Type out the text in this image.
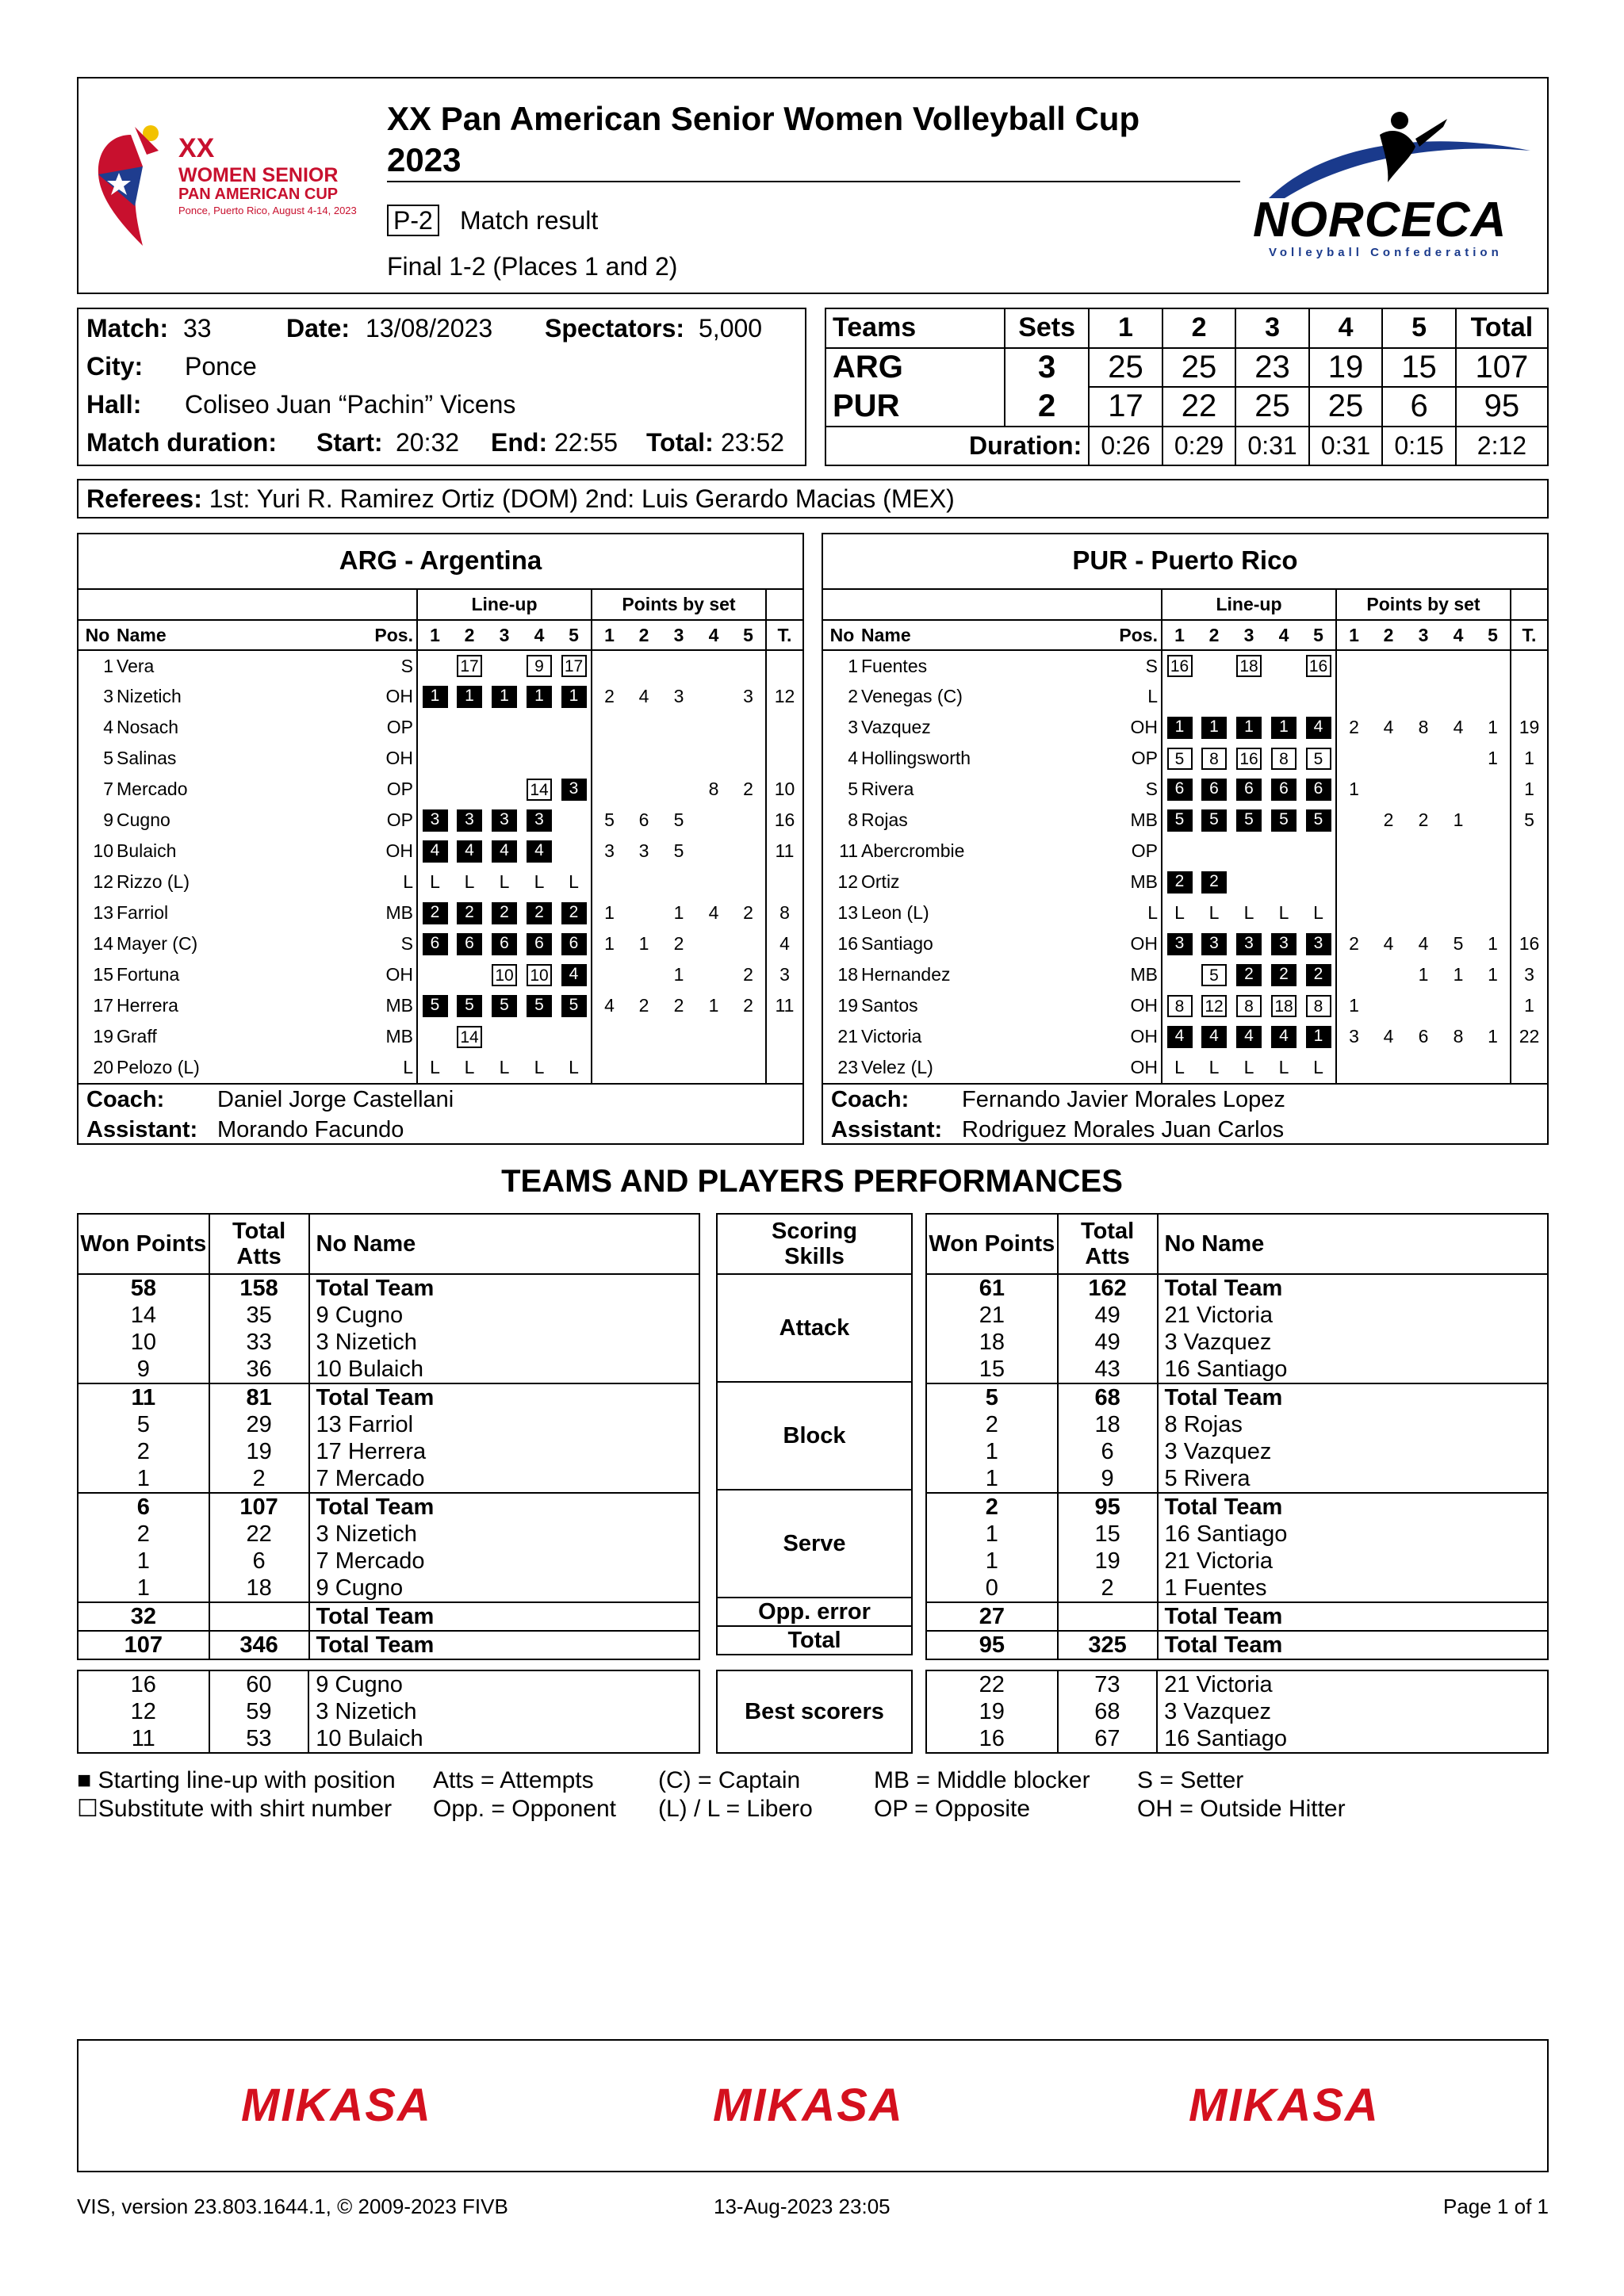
XX
WOMEN SENIOR
PAN AMERICAN CUP
Ponce, Puerto Rico, August 4-14, 2023
XX Pan American Senior Women Volleyball Cup
2023
P-2 Match result
Final 1-2 (Places 1 and 2)
NORCECA
Volleyball Confederation
Match: 33	Date: 13/08/2023 Spectators: 5,000
City: Ponce
Hall: Coliseo Juan “Pachin” Vicens
Match duration: Start: 20:32 End: 22:55 Total: 23:52
Teams	Sets	1	2	3	4	5	Total
ARG	3	25	25	23	19	15	107
PUR	2	17	22	25	25	6	95
Duration:		0:26	0:29	0:31	0:31	0:15	2:12
Referees: 1st: Yuri R. Ramirez Ortiz (DOM) 2nd: Luis Gerardo Macias (MEX)
ARG - Argentina
			Line-up					Points by set					
No	Name	Pos.	1	2	3	4	5	1	2	3	4	5	T.
1	Vera	S		17		9	17						
3	Nizetich	OH	1	1	1	1	1	2	4	3		3	12
4	Nosach	OP											
5	Salinas	OH											
7	Mercado	OP				14	3				8	2	10
9	Cugno	OP	3	3	3	3		5	6	5			16
10	Bulaich	OH	4	4	4	4		3	3	5			11
12	Rizzo (L)	L	L	L	L	L	L						
13	Farriol	MB	2	2	2	2	2	1		1	4	2	8
14	Mayer (C)	S	6	6	6	6	6	1	1	2			4
15	Fortuna	OH			10	10	4			1		2	3
17	Herrera	MB	5	5	5	5	5	4	2	2	1	2	11
19	Graff	MB		14									
20	Pelozo (L)	L	L	L	L	L	L						
Coach: Daniel Jorge Castellani
Assistant: Morando Facundo
PUR - Puerto Rico
			Line-up					Points by set					
No	Name	Pos.	1	2	3	4	5	1	2	3	4	5	T.
1	Fuentes	S	16		18		16						
2	Venegas (C)	L											
3	Vazquez	OH	1	1	1	1	4	2	4	8	4	1	19
4	Hollingsworth	OP	5	8	16	8	5					1	1
5	Rivera	S	6	6	6	6	6	1					1
8	Rojas	MB	5	5	5	5	5		2	2	1		5
11	Abercrombie	OP											
12	Ortiz	MB	2	2									
13	Leon (L)	L	L	L	L	L	L						
16	Santiago	OH	3	3	3	3	3	2	4	4	5	1	16
18	Hernandez	MB		5	2	2	2			1	1	1	3
19	Santos	OH	8	12	8	18	8	1					1
21	Victoria	OH	4	4	4	4	1	3	4	6	8	1	22
23	Velez (L)	OH	L	L	L	L	L						
Coach: Fernando Javier Morales Lopez
Assistant: Rodriguez Morales Juan Carlos
TEAMS AND PLAYERS PERFORMANCES
Won Points	Total Atts	No Name
58	158	Total Team
14	35	9 Cugno
10	33	3 Nizetich
9	36	10 Bulaich
11	81	Total Team
5	29	13 Farriol
2	19	17 Herrera
1	2	7 Mercado
6	107	Total Team
2	22	3 Nizetich
1	6	7 Mercado
1	18	9 Cugno
32		Total Team
107	346	Total Team
16	60	9 Cugno
12	59	3 Nizetich
11	53	10 Bulaich
Won Points	Total Atts	No Name
61	162	Total Team
21	49	21 Victoria
18	49	3 Vazquez
15	43	16 Santiago
5	68	Total Team
2	18	8 Rojas
1	6	3 Vazquez
1	9	5 Rivera
2	95	Total Team
1	15	16 Santiago
1	19	21 Victoria
0	2	1 Fuentes
27		Total Team
95	325	Total Team
22	73	21 Victoria
19	68	3 Vazquez
16	67	16 Santiago
Scoring Skills
Attack
Block
Serve
Opp. error
Total
Best scorers
■ Starting line-up with position
☐Substitute with shirt number
Atts = Attempts
Opp. = Opponent
(C) = Captain
(L) / L = Libero
MB = Middle blocker
OP = Opposite
S = Setter
OH = Outside Hitter
MIKASA	MIKASA	MIKASA
VIS, version 23.803.1644.1, © 2009-2023 FIVB	13-Aug-2023 23:05	Page 1 of 1
